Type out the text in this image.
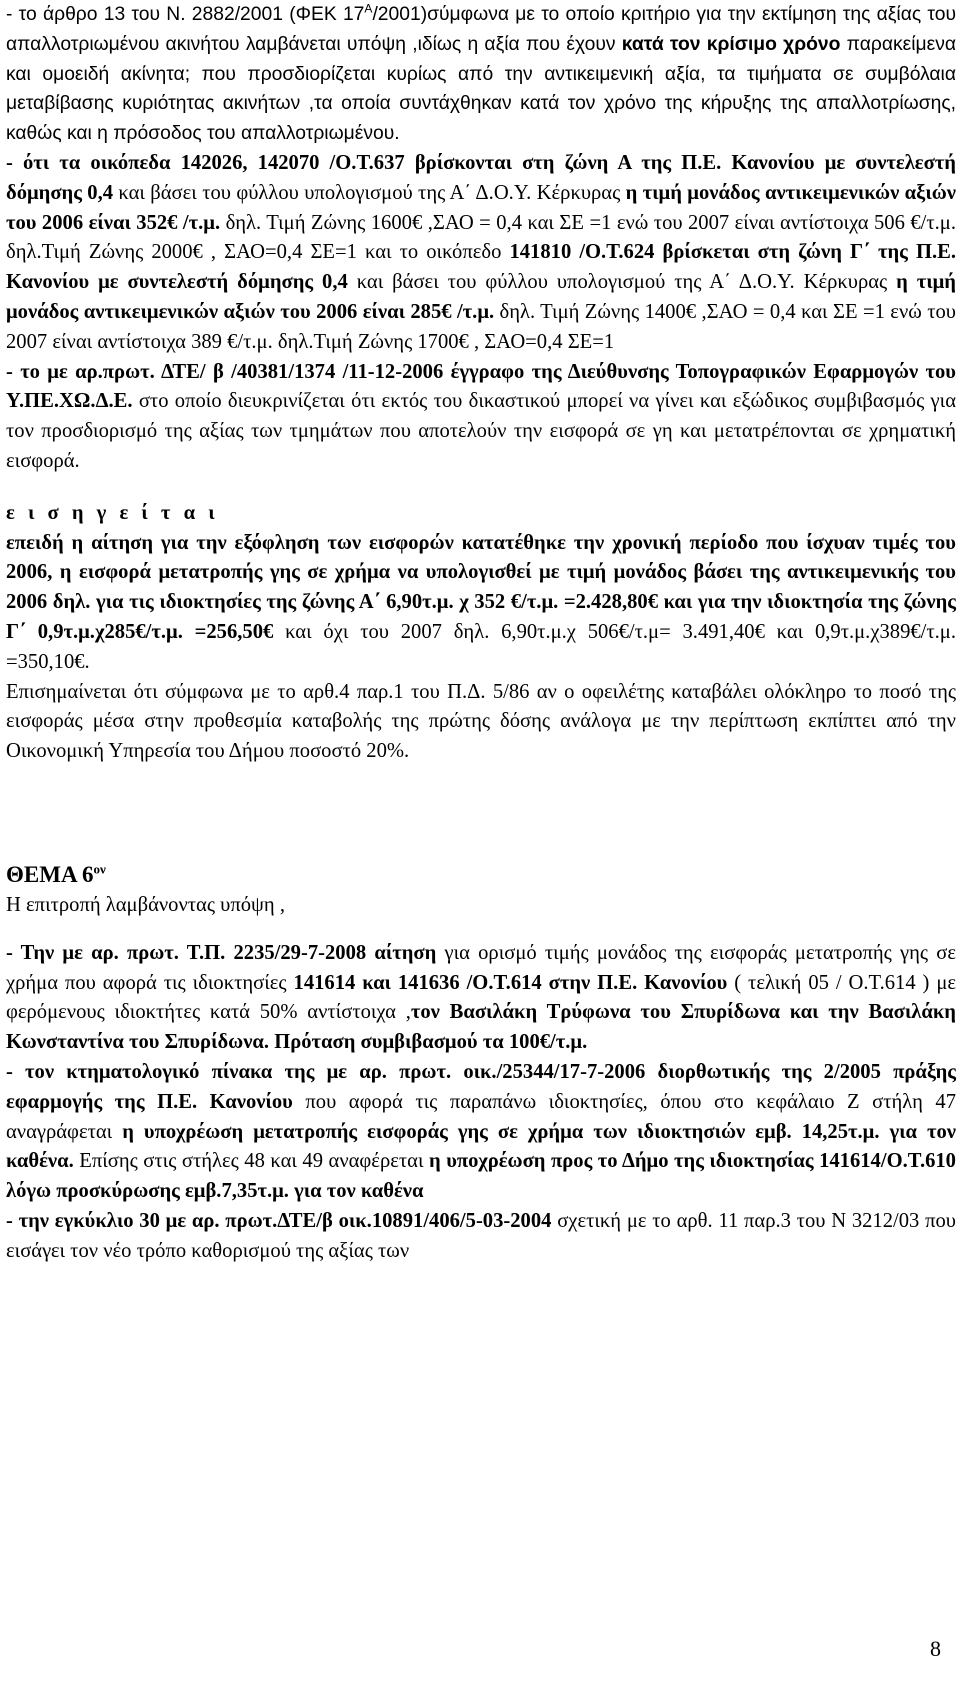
- το άρθρο 13 του Ν. 2882/2001 (ΦΕΚ $17^A/2001)\sigma ύ\mu\varphi\omega\nu\alpha$ με το οποίο κριτήριο για την εκτίμηση της αξίας του απαλλοτριωμένου ακινήτου λαμβάνεται υπόψη ,ιδίως η αξία που έχουν κατά τον κρίσιμο χρόνο παρακείμενα και ομοειδή ακίνητα; που προσδιορίζεται κυρίως από την αντικειμενική αξία, τα τιμήματα σε συμβόλαια μεταβίβασης κυριότητας ακινήτων ,τα οποία συντάχθηκαν κατά τον χρόνο της κήρυξης της απαλλοτρίωσης, καθώς και η πρόσοδος του απαλλοτριωμένου.

- ότι τα οικόπεδα 142026, 142070 /Ο.Τ.637 βρίσκονται στη ζώνη Α της Π.Ε. Κανονίου με συντελεστή δόμησης 0,4 και βάσει του φύλλου υπολογισμού της Α΄ Δ.Ο.Υ. Κέρκυρας η τιμή μονάδος αντικειμενικών αξιών του 2006 είναι 352€ /τ.μ. δηλ. Τιμή Ζώνης 1600€ ,ΣΑΟ = 0,4 και ΣΕ =1 ενώ του 2007 είναι αντίστοιχα 506 €/τ.μ. δηλ.Τιμή Ζώνης 2000€ , ΣΑΟ=0,4 ΣΕ=1 και το οικόπεδο 141810 /Ο.Τ.624 βρίσκεται στη ζώνη Γ΄ της Π.Ε. Κανονίου με συντελεστή δόμησης 0,4 και βάσει του φύλλου υπολογισμού της Α΄ Δ.Ο.Υ. Κέρκυρας η τιμή μονάδος αντικειμενικών αξιών του 2006 είναι 285€ /τ.μ. δηλ. Τιμή Ζώνης 1400€ ,ΣΑΟ = 0,4 και ΣΕ =1 ενώ του 2007 είναι αντίστοιχα 389 €/τ.μ. δηλ.Τιμή Ζώνης 1700€ , ΣΑΟ=0,4 ΣΕ=1

- το με αρ.πρωτ. ΔΤΕ/ β /40381/1374 /11-12-2006 έγγραφο της Διεύθυνσης Τοπογραφικών Εφαρμογών του Υ.ΠΕ.ΧΩ.Δ.Ε. στο οποίο διευκρινίζεται ότι εκτός του δικαστικού μπορεί να γίνει και εξώδικος συμβιβασμός για τον προσδιορισμό της αξίας των τμημάτων που αποτελούν την εισφορά σε γη και μετατρέπονται σε χρηματική εισφορά.

ε ι σ η γ ε ί τ α ι

επειδή η αίτηση για την εξόφληση των εισφορών κατατέθηκε την χρονική περίοδο που ίσχυαν τιμές του 2006, η εισφορά μετατροπής γης σε χρήμα να υπολογισθεί με τιμή μονάδος βάσει της αντικειμενικής του 2006 δηλ. για τις ιδιοκτησίες της ζώνης Α΄ 6,90τ.μ. χ 352 €/τ.μ. =2.428,80€ και για την ιδιοκτησία της ζώνης Γ΄ 0,9τ.μ.χ285€/τ.μ. =256,50€ και όχι του 2007 δηλ. 6,90τ.μ.χ 506€/τ.μ= 3.491,40€ και 0,9τ.μ.χ389€/τ.μ. =350,10€.

Επισημαίνεται ότι σύμφωνα με το αρθ.4 παρ.1 του Π.Δ. 5/86 αν ο οφειλέτης καταβάλει ολόκληρο το ποσό της εισφοράς μέσα στην προθεσμία καταβολής της πρώτης δόσης ανάλογα με την περίπτωση εκπίπτει από την Οικονομική Υπηρεσία του Δήμου ποσοστό 20%.

ΘΕΜΑ $6^{o\nu}$

Η επιτροπή λαμβάνοντας υπόψη ,

- Την με αρ. πρωτ. Τ.Π. 2235/29-7-2008 αίτηση για ορισμό τιμής μονάδος της εισφοράς μετατροπής γης σε χρήμα που αφορά τις ιδιοκτησίες 141614 και 141636 /Ο.Τ.614 στην Π.Ε. Κανονίου ( τελική 05 / Ο.Τ.614 ) με φερόμενους ιδιοκτήτες κατά 50% αντίστοιχα ,τον Βασιλάκη Τρύφωνα του Σπυρίδωνα και την Βασιλάκη Κωνσταντίνα του Σπυρίδωνα. Πρόταση συμβιβασμού τα 100€/τ.μ.

- τον κτηματολογικό πίνακα της με αρ. πρωτ. οικ./25344/17-7-2006 διορθωτικής της 2/2005 πράξης εφαρμογής της Π.Ε. Κανονίου που αφορά τις παραπάνω ιδιοκτησίες, όπου στο κεφάλαιο Ζ στήλη 47 αναγράφεται η υποχρέωση μετατροπής εισφοράς γης σε χρήμα των ιδιοκτησιών εμβ. 14,25τ.μ. για τον καθένα. Επίσης στις στήλες 48 και 49 αναφέρεται η υποχρέωση προς το Δήμο της ιδιοκτησίας 141614/Ο.Τ.610 λόγω προσκύρωσης εμβ.7,35τ.μ. για τον καθένα

- την εγκύκλιο 30 με αρ. πρωτ.ΔΤΕ/β οικ.10891/406/5-03-2004 σχετική με το αρθ. 11 παρ.3 του Ν 3212/03 που εισάγει τον νέο τρόπο καθορισμού της αξίας των

8
